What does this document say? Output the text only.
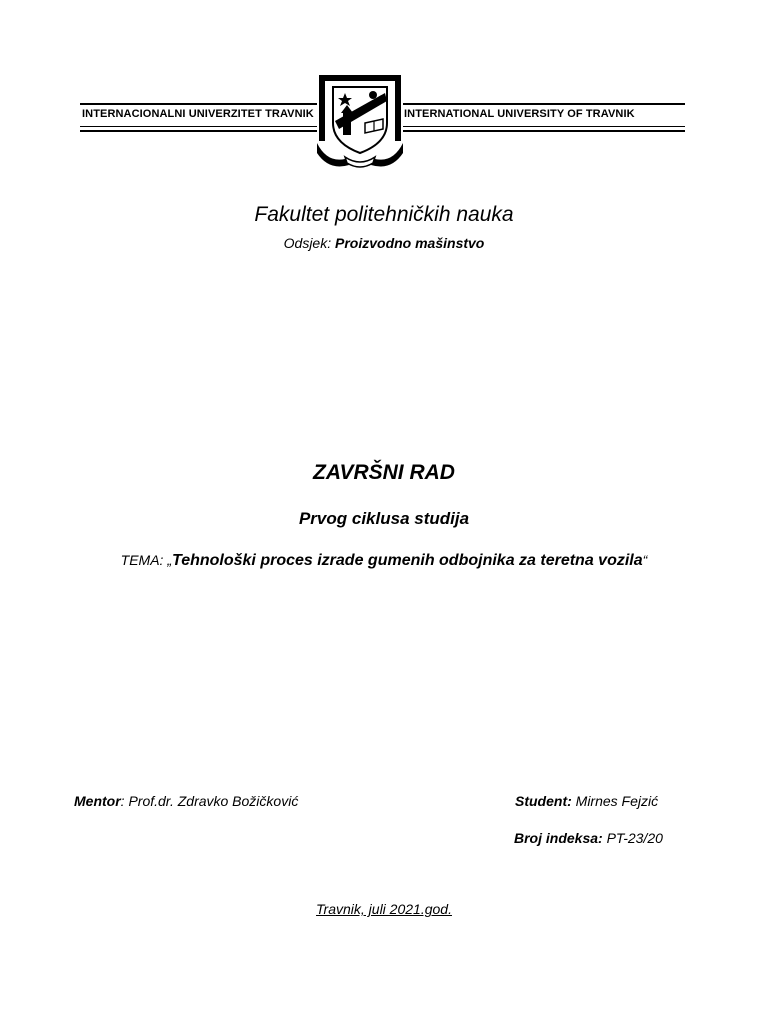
INTERNACIONALNI UNIVERZITET TRAVNIK	INTERNATIONAL UNIVERSITY OF TRAVNIK
Fakultet politehničkih nauka
Odsjek: Proizvodno mašinstvo
ZAVRŠNI RAD
Prvog ciklusa studija
TEMA: „Tehnološki proces izrade gumenih odbojnika za teretna vozila“
Mentor: Prof.dr. Zdravko Božičković	Student: Mirnes Fejzić
Broj indeksa: PT-23/20
Travnik, juli 2021.god.
